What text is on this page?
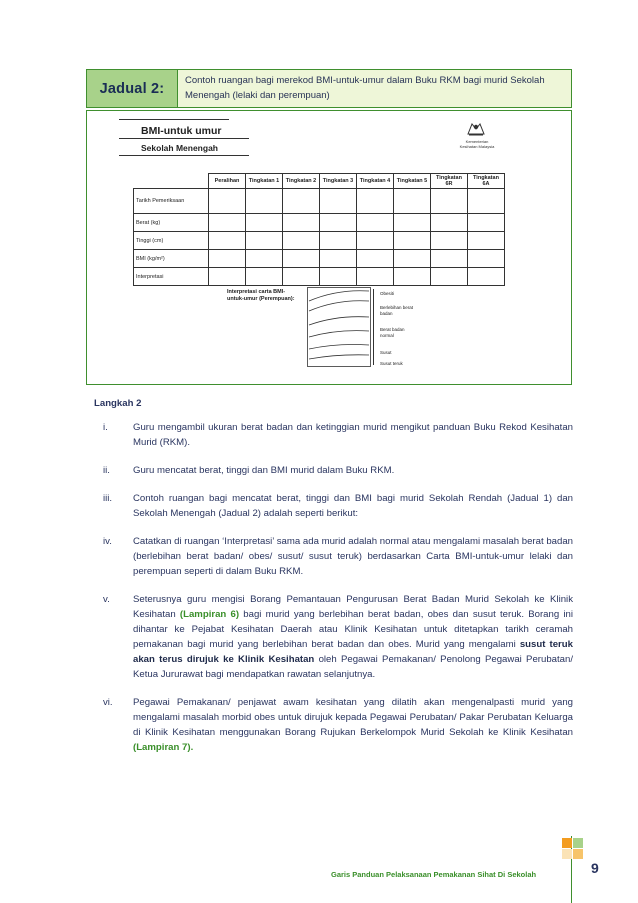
Jadual 2:	Contoh ruangan bagi merekod BMI-untuk-umur dalam Buku RKM bagi murid Sekolah Menengah (lelaki dan perempuan)
BMI-untuk umur
Sekolah Menengah
Kementerian Kesihatan Malaysia
	Peralihan	Tingkatan 1	Tingkatan 2	Tingkatan 3	Tingkatan 4	Tingkatan 5	Tingkatan 6R	Tingkatan 6A
Tarikh Pemeriksaan								
Berat (kg)								
Tinggi (cm)								
BMI (kg/m²)								
Interpretasi								
Interpretasi carta BMI-untuk-umur (Perempuan):
Obesiti
Berlebihan berat badan
Berat badan normal
Susut
Susut teruk
Langkah 2
i.	Guru mengambil ukuran berat badan dan ketinggian murid mengikut panduan Buku Rekod Kesihatan Murid (RKM).
ii.	Guru mencatat berat, tinggi dan BMI murid dalam Buku RKM.
iii.	Contoh ruangan bagi mencatat berat, tinggi dan BMI bagi murid Sekolah Rendah (Jadual 1) dan Sekolah Menengah (Jadual 2) adalah seperti berikut:
iv.	Catatkan di ruangan ‘Interpretasi’ sama ada murid adalah normal atau mengalami masalah berat badan (berlebihan berat badan/ obes/ susut/ susut teruk) berdasarkan Carta BMI-untuk-umur lelaki dan perempuan seperti di dalam Buku RKM.
v.	Seterusnya guru mengisi Borang Pemantauan Pengurusan Berat Badan Murid Sekolah ke Klinik Kesihatan (Lampiran 6) bagi murid yang berlebihan berat badan, obes dan susut teruk. Borang ini dihantar ke Pejabat Kesihatan Daerah atau Klinik Kesihatan untuk ditetapkan tarikh ceramah pemakanan bagi murid yang berlebihan berat badan dan obes. Murid yang mengalami susut teruk akan terus dirujuk ke Klinik Kesihatan oleh Pegawai Pemakanan/ Penolong Pegawai Perubatan/ Ketua Jururawat bagi mendapatkan rawatan selanjutnya.
vi.	Pegawai Pemakanan/ penjawat awam kesihatan yang dilatih akan mengenalpasti murid yang mengalami masalah morbid obes untuk dirujuk kepada Pegawai Perubatan/ Pakar Perubatan Keluarga di Klinik Kesihatan menggunakan Borang Rujukan Berkelompok Murid Sekolah ke Klinik Kesihatan (Lampiran 7).
Garis Panduan Pelaksanaan Pemakanan Sihat Di Sekolah	9
